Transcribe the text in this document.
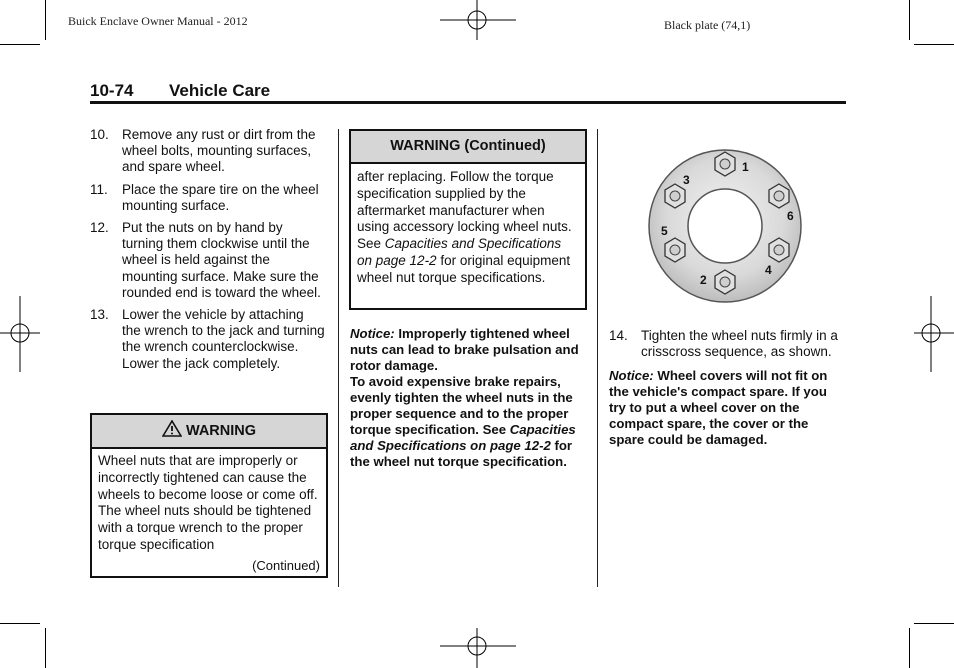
Buick Enclave Owner Manual - 2012	Black plate (74,1)
10-74 Vehicle Care
10. Remove any rust or dirt from the wheel bolts, mounting surfaces, and spare wheel.
11. Place the spare tire on the wheel mounting surface.
12. Put the nuts on by hand by turning them clockwise until the wheel is held against the mounting surface. Make sure the rounded end is toward the wheel.
13. Lower the vehicle by attaching the wrench to the jack and turning the wrench counterclockwise. Lower the jack completely.
WARNING
Wheel nuts that are improperly or incorrectly tightened can cause the wheels to become loose or come off. The wheel nuts should be tightened with a torque wrench to the proper torque specification
(Continued)
WARNING (Continued)
after replacing. Follow the torque specification supplied by the aftermarket manufacturer when using accessory locking wheel nuts. See Capacities and Specifications on page 12-2 for original equipment wheel nut torque specifications.
Notice: Improperly tightened wheel nuts can lead to brake pulsation and rotor damage.
To avoid expensive brake repairs, evenly tighten the wheel nuts in the proper sequence and to the proper torque specification. See Capacities and Specifications on page 12-2 for the wheel nut torque specification.
1
2
3
4
5
6
14. Tighten the wheel nuts firmly in a crisscross sequence, as shown.
Notice: Wheel covers will not fit on the vehicle's compact spare. If you try to put a wheel cover on the compact spare, the cover or the spare could be damaged.
